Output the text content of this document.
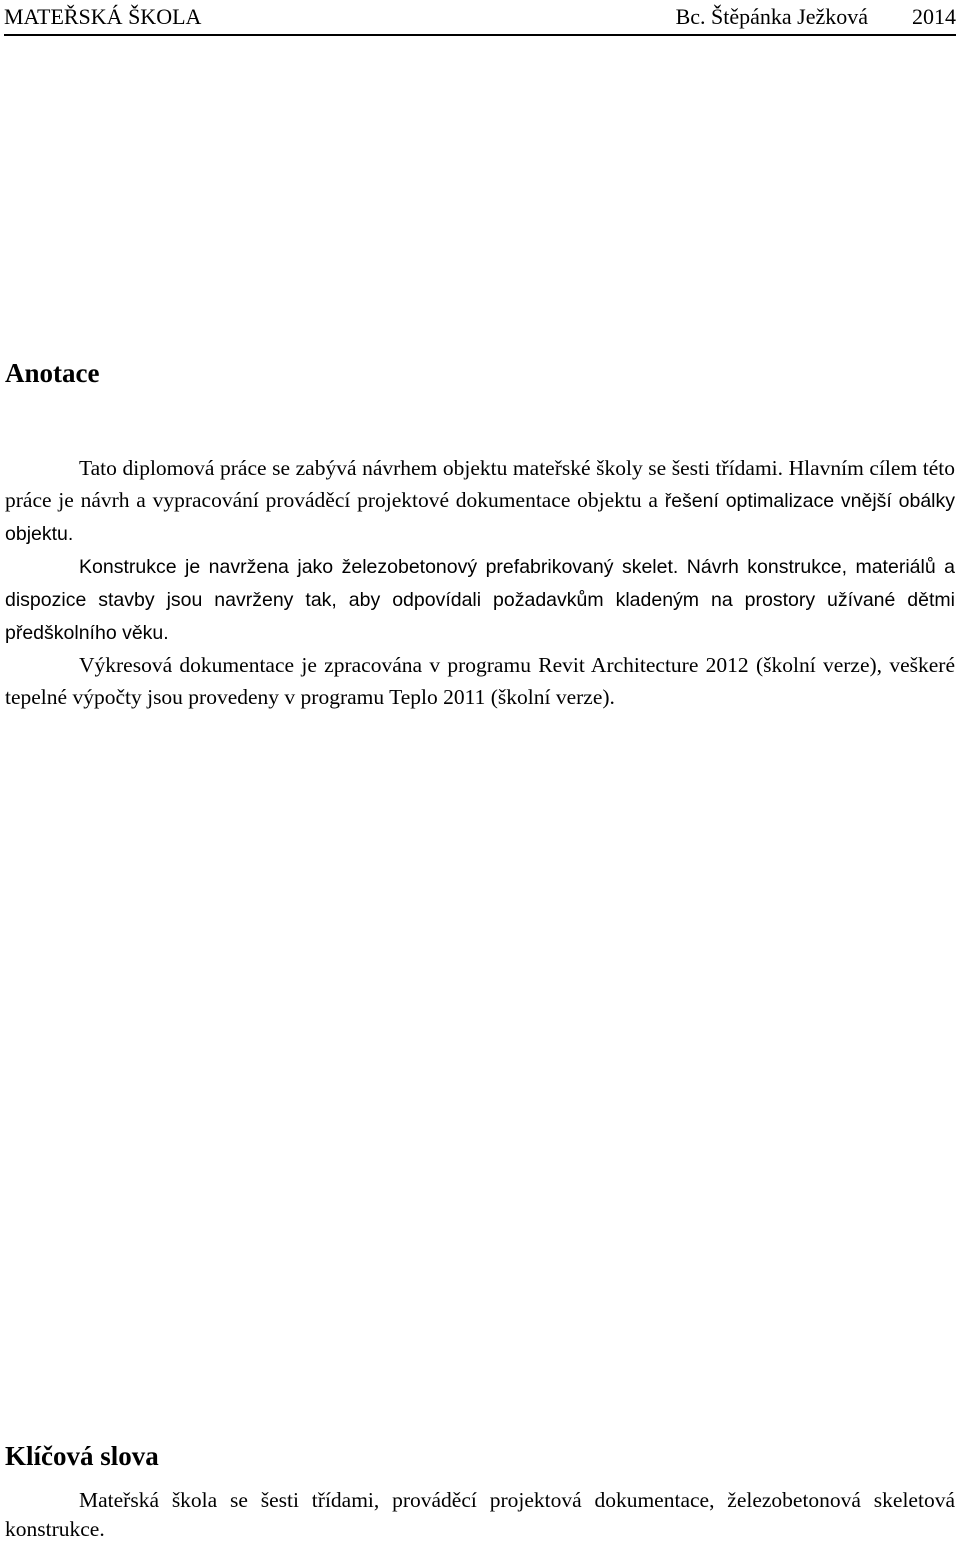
MATEŘSKÁ ŠKOLA	Bc. Štěpánka Ježková 2014
Anotace

Tato diplomová práce se zabývá návrhem objektu mateřské školy se šesti třídami. Hlavním cílem této práce je návrh a vypracování prováděcí projektové dokumentace objektu a řešení optimalizace vnější obálky objektu.

Konstrukce je navržena jako železobetonový prefabrikovaný skelet. Návrh konstrukce, materiálů a dispozice stavby jsou navrženy tak, aby odpovídali požadavkům kladeným na prostory užívané dětmi předškolního věku.

Výkresová dokumentace je zpracována v programu Revit Architecture 2012 (školní verze), veškeré tepelné výpočty jsou provedeny v programu Teplo 2011 (školní verze).

Klíčová slova

Mateřská škola se šesti třídami, prováděcí projektová dokumentace, železobetonová skeletová konstrukce.
